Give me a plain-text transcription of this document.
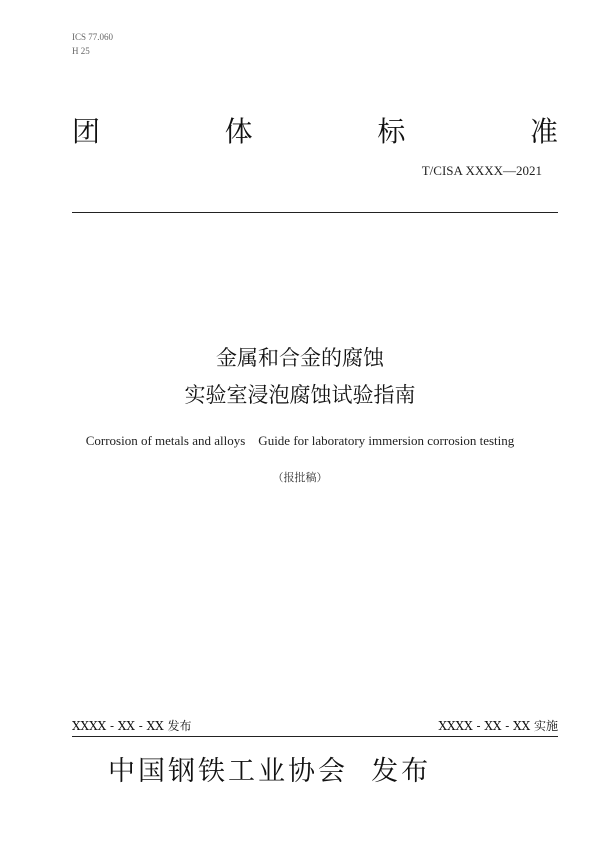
ICS 77.060
H 25
团	体	标	准
T/CISA XXXX—2021
金属和合金的腐蚀
实验室浸泡腐蚀试验指南
Corrosion of metals and alloys    Guide for laboratory immersion corrosion testing
（报批稿）
XXXX - XX - XX 发布	XXXX - XX - XX 实施
中国钢铁工业协会  发布
